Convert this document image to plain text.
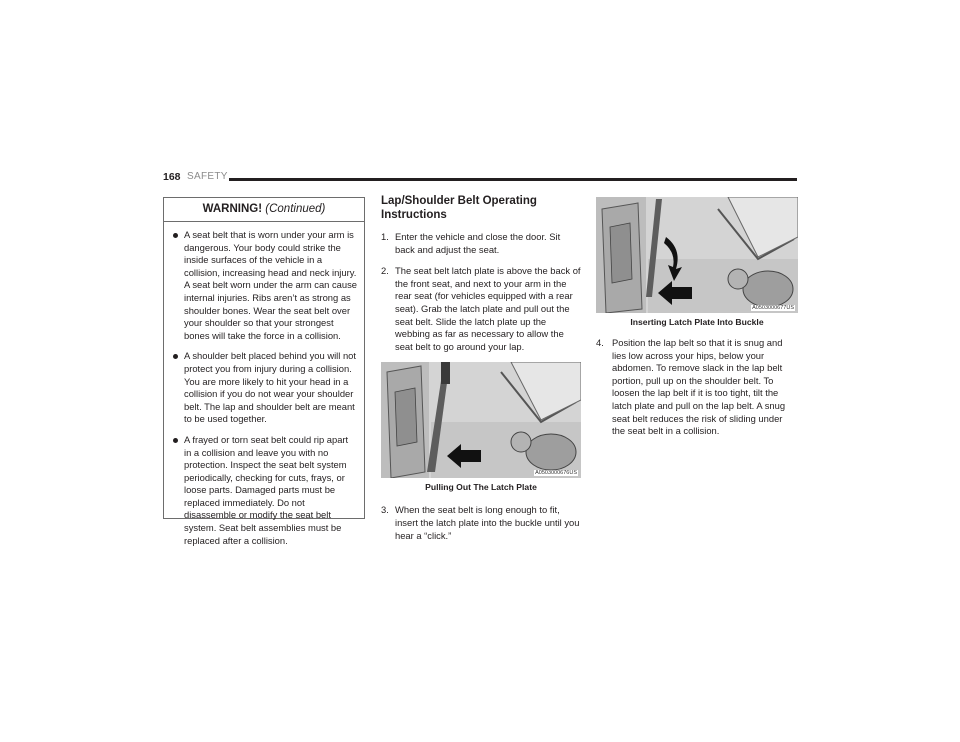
168 SAFETY
WARNING! (Continued)
A seat belt that is worn under your arm is dangerous. Your body could strike the inside surfaces of the vehicle in a collision, increasing head and neck injury. A seat belt worn under the arm can cause internal injuries. Ribs aren’t as strong as shoulder bones. Wear the seat belt over your shoulder so that your strongest bones will take the force in a collision.
A shoulder belt placed behind you will not protect you from injury during a collision. You are more likely to hit your head in a collision if you do not wear your shoulder belt. The lap and shoulder belt are meant to be used together.
A frayed or torn seat belt could rip apart in a collision and leave you with no protection. Inspect the seat belt system periodically, checking for cuts, frays, or loose parts. Damaged parts must be replaced immediately. Do not disassemble or modify the seat belt system. Seat belt assemblies must be replaced after a collision.
Lap/Shoulder Belt Operating Instructions
1. Enter the vehicle and close the door. Sit back and adjust the seat.
2. The seat belt latch plate is above the back of the front seat, and next to your arm in the rear seat (for vehicles equipped with a rear seat). Grab the latch plate and pull out the seat belt. Slide the latch plate up the webbing as far as necessary to allow the seat belt to go around your lap.
A0503000676US
Pulling Out The Latch Plate
3. When the seat belt is long enough to fit, insert the latch plate into the buckle until you hear a “click.”
A0503000677US
Inserting Latch Plate Into Buckle
4. Position the lap belt so that it is snug and lies low across your hips, below your abdomen. To remove slack in the lap belt portion, pull up on the shoulder belt. To loosen the lap belt if it is too tight, tilt the latch plate and pull on the lap belt. A snug seat belt reduces the risk of sliding under the seat belt in a collision.
